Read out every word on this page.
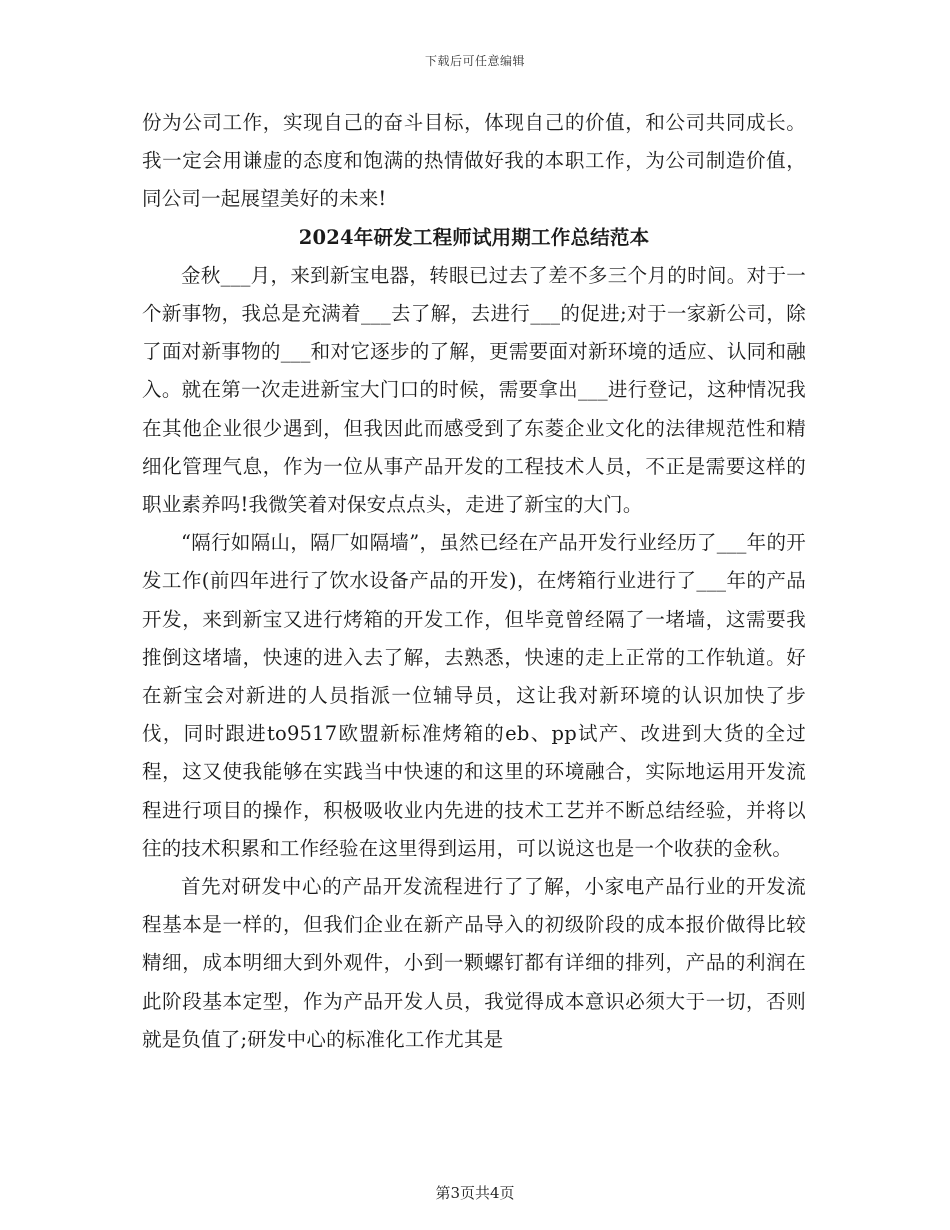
下载后可任意编辑

份为公司工作，实现自己的奋斗目标，体现自己的价值，和公司共同成长。我一定会用谦虚的态度和饱满的热情做好我的本职工作，为公司制造价值，同公司一起展望美好的未来!

2024年研发工程师试用期工作总结范本

金秋___月，来到新宝电器，转眼已过去了差不多三个月的时间。对于一个新事物，我总是充满着___去了解，去进行___的促进;对于一家新公司，除了面对新事物的___和对它逐步的了解，更需要面对新环境的适应、认同和融入。就在第一次走进新宝大门口的时候，需要拿出___进行登记，这种情况我在其他企业很少遇到，但我因此而感受到了东菱企业文化的法律规范性和精细化管理气息，作为一位从事产品开发的工程技术人员，不正是需要这样的职业素养吗!我微笑着对保安点点头，走进了新宝的大门。

“隔行如隔山，隔厂如隔墙”，虽然已经在产品开发行业经历了___年的开发工作(前四年进行了饮水设备产品的开发)，在烤箱行业进行了___年的产品开发，来到新宝又进行烤箱的开发工作，但毕竟曾经隔了一堵墙，这需要我推倒这堵墙，快速的进入去了解，去熟悉，快速的走上正常的工作轨道。好在新宝会对新进的人员指派一位辅导员，这让我对新环境的认识加快了步伐，同时跟进to9517欧盟新标准烤箱的eb、pp试产、改进到大货的全过程，这又使我能够在实践当中快速的和这里的环境融合，实际地运用开发流程进行项目的操作，积极吸收业内先进的技术工艺并不断总结经验，并将以往的技术积累和工作经验在这里得到运用，可以说这也是一个收获的金秋。

首先对研发中心的产品开发流程进行了了解，小家电产品行业的开发流程基本是一样的，但我们企业在新产品导入的初级阶段的成本报价做得比较精细，成本明细大到外观件，小到一颗螺钉都有详细的排列，产品的利润在此阶段基本定型，作为产品开发人员，我觉得成本意识必须大于一切，否则就是负值了;研发中心的标准化工作尤其是

第3页共4页
